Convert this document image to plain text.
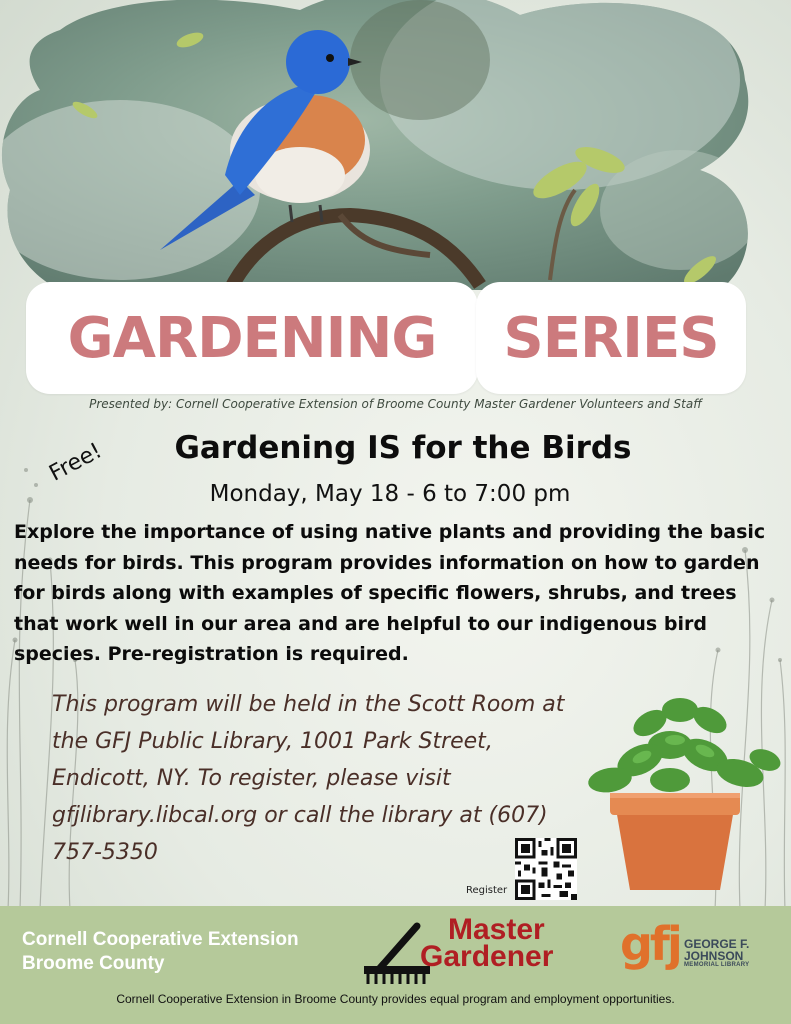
GARDENING SERIES
Presented by: Cornell Cooperative Extension of Broome County Master Gardener Volunteers and Staff
Free!	Gardening IS for the Birds
Monday, May 18 - 6 to 7:00 pm
Explore the importance of using native plants and providing the basic needs for birds. This program provides information on how to garden for birds along with examples of specific flowers, shrubs, and trees that work well in our area and are helpful to our indigenous bird species. Pre-registration is required.
This program will be held in the Scott Room at the GFJ Public Library, 1001 Park Street, Endicott, NY. To register, please visit gfjlibrary.libcal.org or call the library at (607) 757-5350
Register
Cornell Cooperative Extension
Broome County
Master
Gardener gfj GEORGE F.
JOHNSON
MEMORIAL LIBRARY
Cornell Cooperative Extension in Broome County provides equal program and employment opportunities.
